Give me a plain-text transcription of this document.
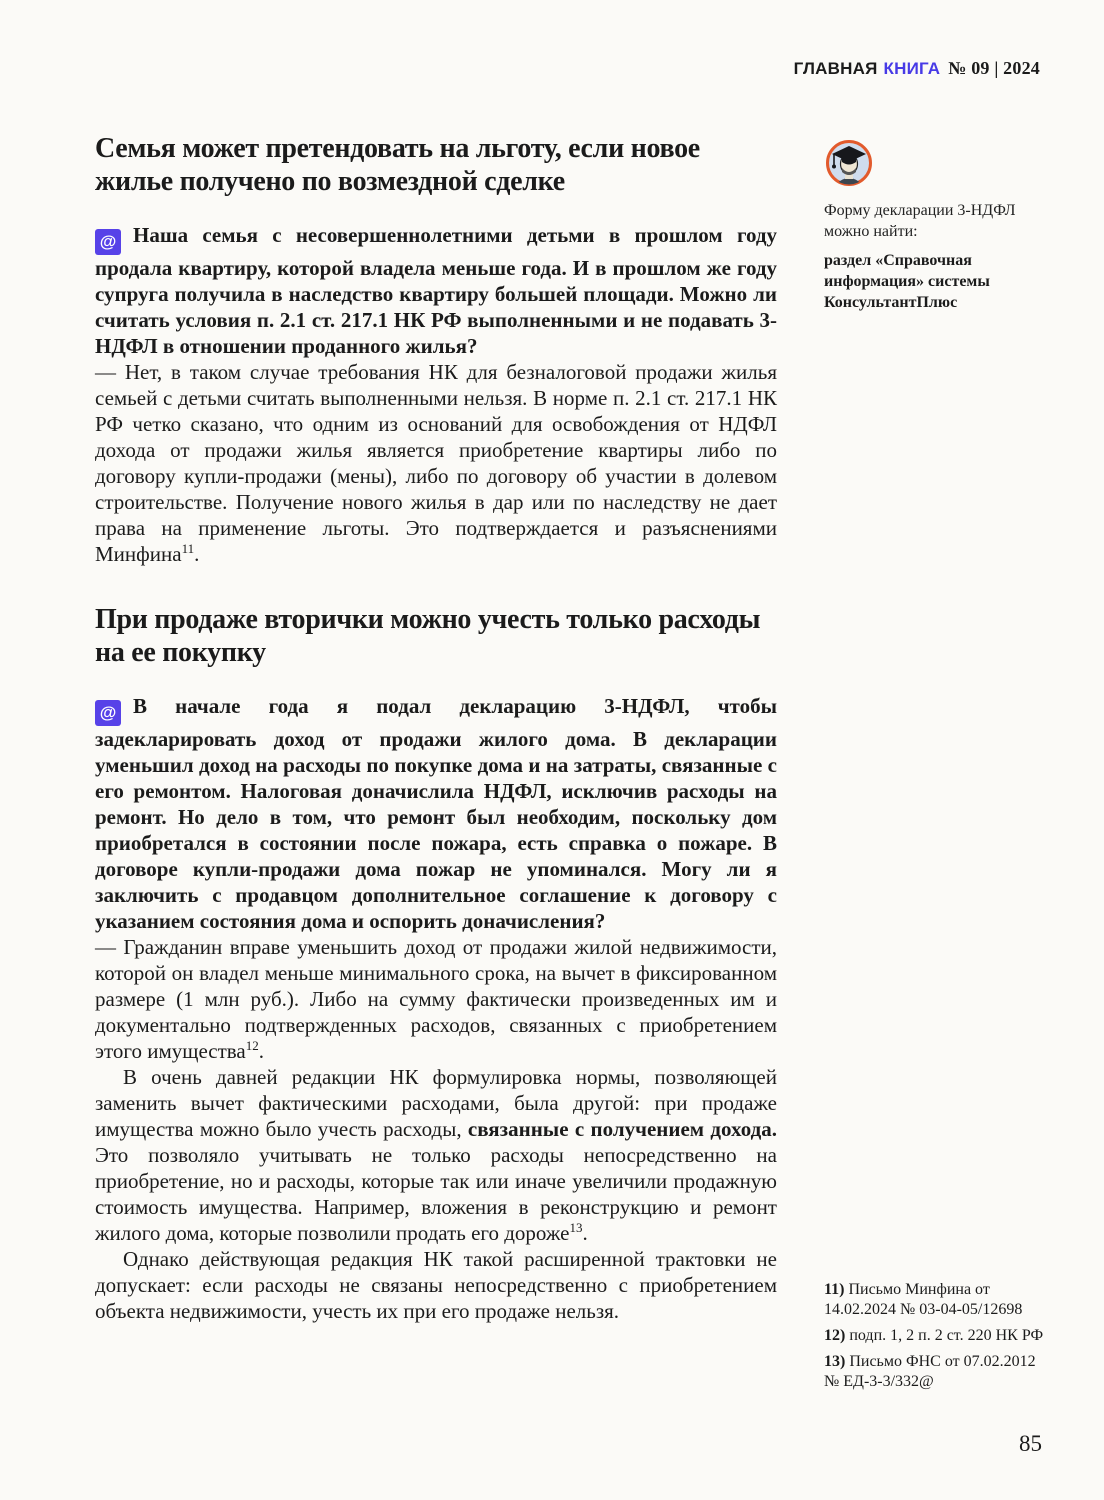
ГЛАВНАЯ КНИГА № 09 | 2024
Семья может претендовать на льготу, если новое жилье получено по возмездной сделке

@ Наша семья с несовершеннолетними детьми в прошлом году продала квартиру, которой владела меньше года. И в прошлом же году супруга получила в наследство квартиру большей площади. Можно ли считать условия п. 2.1 ст. 217.1 НК РФ выполненными и не подавать 3-НДФЛ в отношении проданного жилья?

— Нет, в таком случае требования НК для безналоговой продажи жилья семьей с детьми считать выполненными нельзя. В норме п. 2.1 ст. 217.1 НК РФ четко сказано, что одним из оснований для освобождения от НДФЛ дохода от продажи жилья является приобретение квартиры либо по договору купли-продажи (мены), либо по договору об участии в долевом строительстве. Получение нового жилья в дар или по наследству не дает права на применение льготы. Это подтверждается и разъяснениями Минфина$^{11}$.

При продаже вторички можно учесть только расходы на ее покупку

@ В начале года я подал декларацию 3-НДФЛ, чтобы задекларировать доход от продажи жилого дома. В декларации уменьшил доход на расходы по покупке дома и на затраты, связанные с его ремонтом. Налоговая доначислила НДФЛ, исключив расходы на ремонт. Но дело в том, что ремонт был необходим, поскольку дом приобретался в состоянии после пожара, есть справка о пожаре. В договоре купли-продажи дома пожар не упоминался. Могу ли я заключить с продавцом дополнительное соглашение к договору с указанием состояния дома и оспорить доначисления?

— Гражданин вправе уменьшить доход от продажи жилой недвижимости, которой он владел меньше минимального срока, на вычет в фиксированном размере (1 млн руб.). Либо на сумму фактически произведенных им и документально подтвержденных расходов, связанных с приобретением этого имущества$^{12}$.

В очень давней редакции НК формулировка нормы, позволяющей заменить вычет фактическими расходами, была другой: при продаже имущества можно было учесть расходы, связанные с получением дохода. Это позволяло учитывать не только расходы непосредственно на приобретение, но и расходы, которые так или иначе увеличили продажную стоимость имущества. Например, вложения в реконструкцию и ремонт жилого дома, которые позволили продать его дороже$^{13}$.

Однако действующая редакция НК такой расширенной трактовки не допускает: если расходы не связаны непосредственно с приобретением объекта недвижимости, учесть их при его продаже нельзя.

Форму декларации 3-НДФЛ можно найти:

раздел «Справочная информация» системы КонсультантПлюс

11) Письмо Минфина от 14.02.2024 № 03-04-05/12698

12) подп. 1, 2 п. 2 ст. 220 НК РФ

13) Письмо ФНС от 07.02.2012 № ЕД-3-3/332@

85
